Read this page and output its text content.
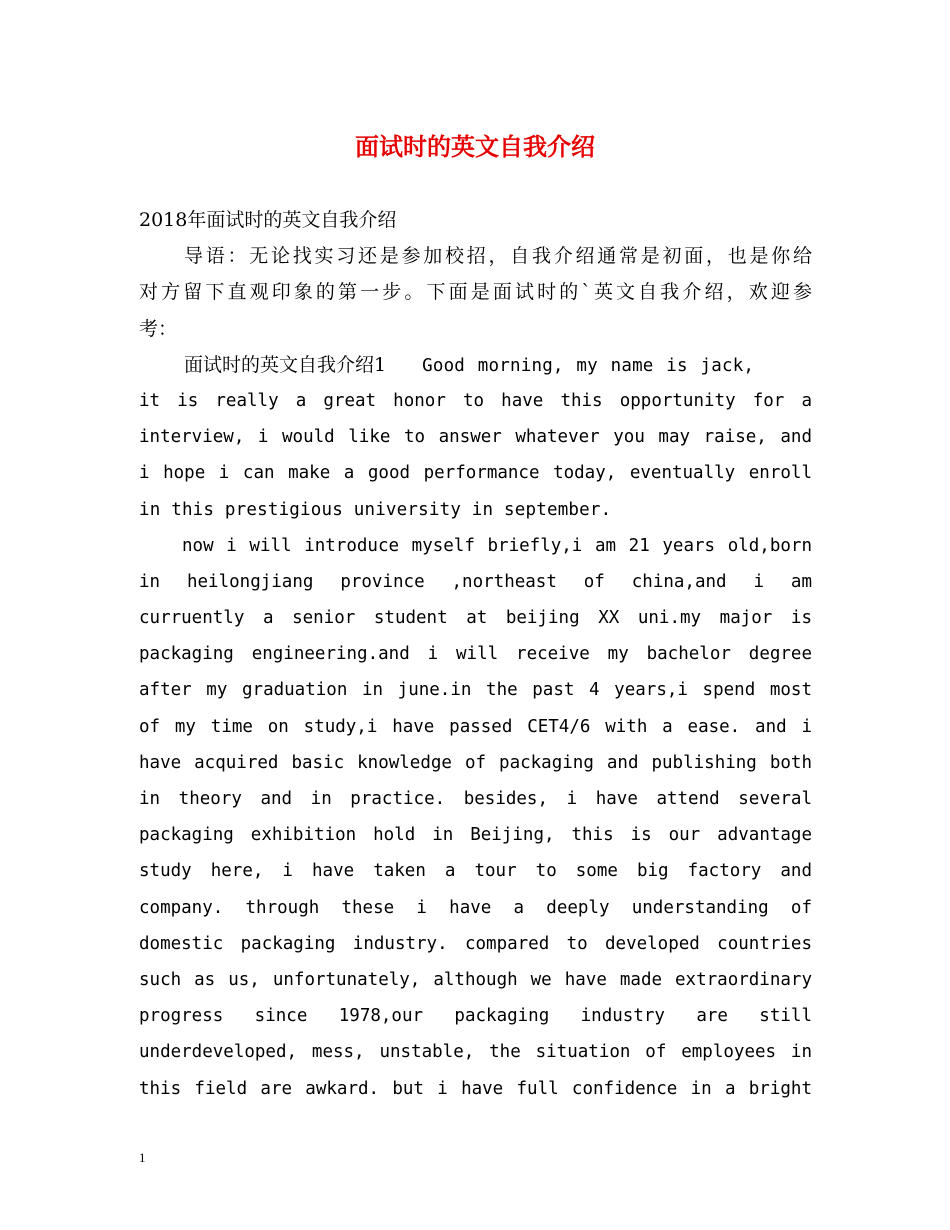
面试时的英文自我介绍
2018年面试时的英文自我介绍
导语：无论找实习还是参加校招，自我介绍通常是初面，也是你给
对方留下直观印象的第一步。下面是面试时的`英文自我介绍，欢迎参
考：
面试时的英文自我介绍1 Good morning, my name is jack,
it is really a great honor to have this opportunity for a
interview, i would like to answer whatever you may raise, and
i hope i can make a good performance today, eventually enroll
in this prestigious university in september.
now i will introduce myself briefly,i am 21 years old,born
in heilongjiang province ,northeast of china,and i am
curruently a senior student at beijing XX uni.my major is
packaging engineering.and i will receive my bachelor degree
after my graduation in june.in the past 4 years,i spend most
of my time on study,i have passed CET4/6 with a ease. and i
have acquired basic knowledge of packaging and publishing both
in theory and in practice. besides, i have attend several
packaging exhibition hold in Beijing, this is our advantage
study here, i have taken a tour to some big factory and
company. through these i have a deeply understanding of
domestic packaging industry. compared to developed countries
such as us, unfortunately, although we have made extraordinary
progress since 1978,our packaging industry are still
underdeveloped, mess, unstable, the situation of employees in
this field are awkard. but i have full confidence in a bright
1
